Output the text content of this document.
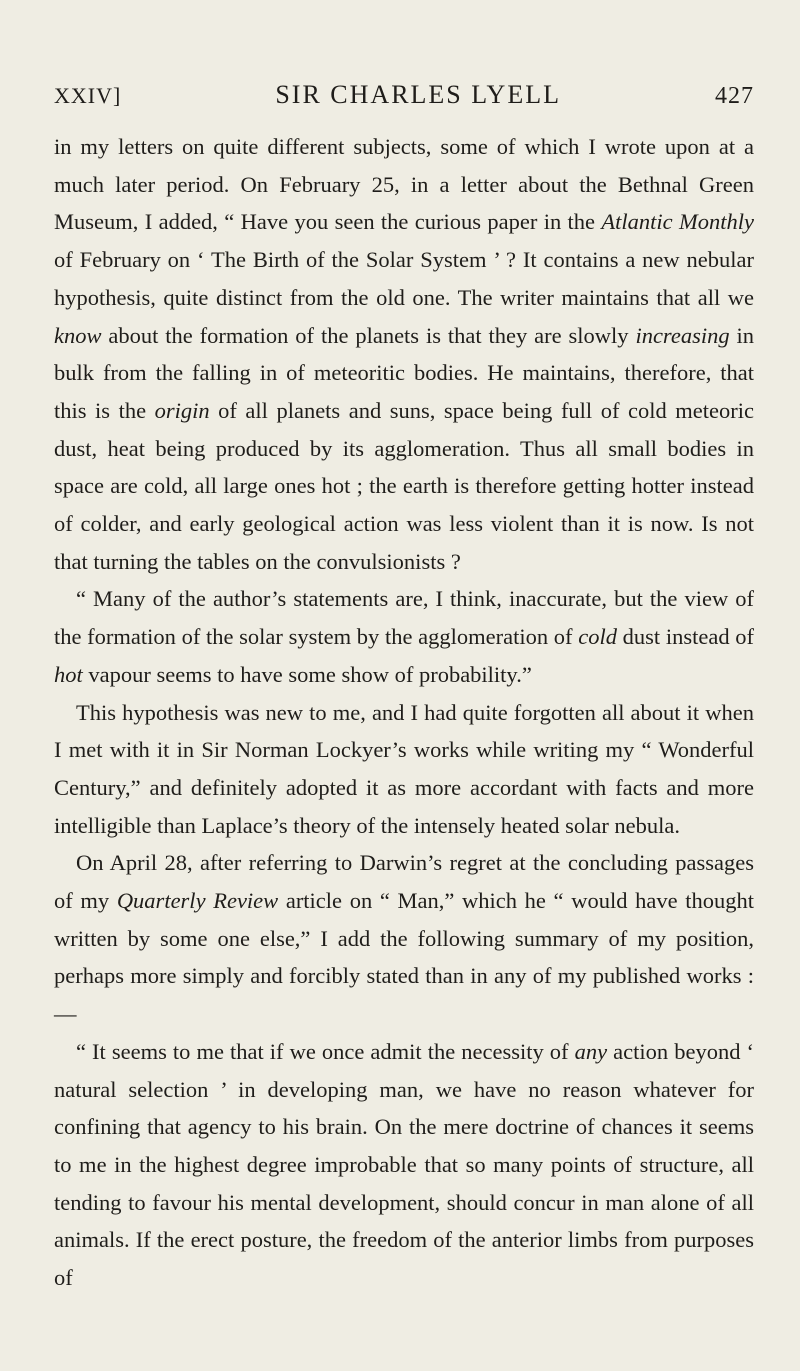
XXIV]	SIR CHARLES LYELL	427

in my letters on quite different subjects, some of which I wrote upon at a much later period. On February 25, in a letter about the Bethnal Green Museum, I added, “ Have you seen the curious paper in the Atlantic Monthly of February on ‘ The Birth of the Solar System ’ ? It contains a new nebular hypothesis, quite distinct from the old one. The writer maintains that all we know about the formation of the planets is that they are slowly increasing in bulk from the falling in of meteoritic bodies. He maintains, therefore, that this is the origin of all planets and suns, space being full of cold meteoric dust, heat being produced by its agglomeration. Thus all small bodies in space are cold, all large ones hot ; the earth is therefore getting hotter instead of colder, and early geological action was less violent than it is now. Is not that turning the tables on the convulsionists ?

“ Many of the author’s statements are, I think, inaccurate, but the view of the formation of the solar system by the agglomeration of cold dust instead of hot vapour seems to have some show of probability.”

This hypothesis was new to me, and I had quite forgotten all about it when I met with it in Sir Norman Lockyer’s works while writing my “ Wonderful Century,” and definitely adopted it as more accordant with facts and more intelligible than Laplace’s theory of the intensely heated solar nebula.

On April 28, after referring to Darwin’s regret at the concluding passages of my Quarterly Review article on “ Man,” which he “ would have thought written by some one else,” I add the following summary of my position, perhaps more simply and forcibly stated than in any of my published works :—

“ It seems to me that if we once admit the necessity of any action beyond ‘ natural selection ’ in developing man, we have no reason whatever for confining that agency to his brain. On the mere doctrine of chances it seems to me in the highest degree improbable that so many points of structure, all tending to favour his mental development, should concur in man alone of all animals. If the erect posture, the freedom of the anterior limbs from purposes of
